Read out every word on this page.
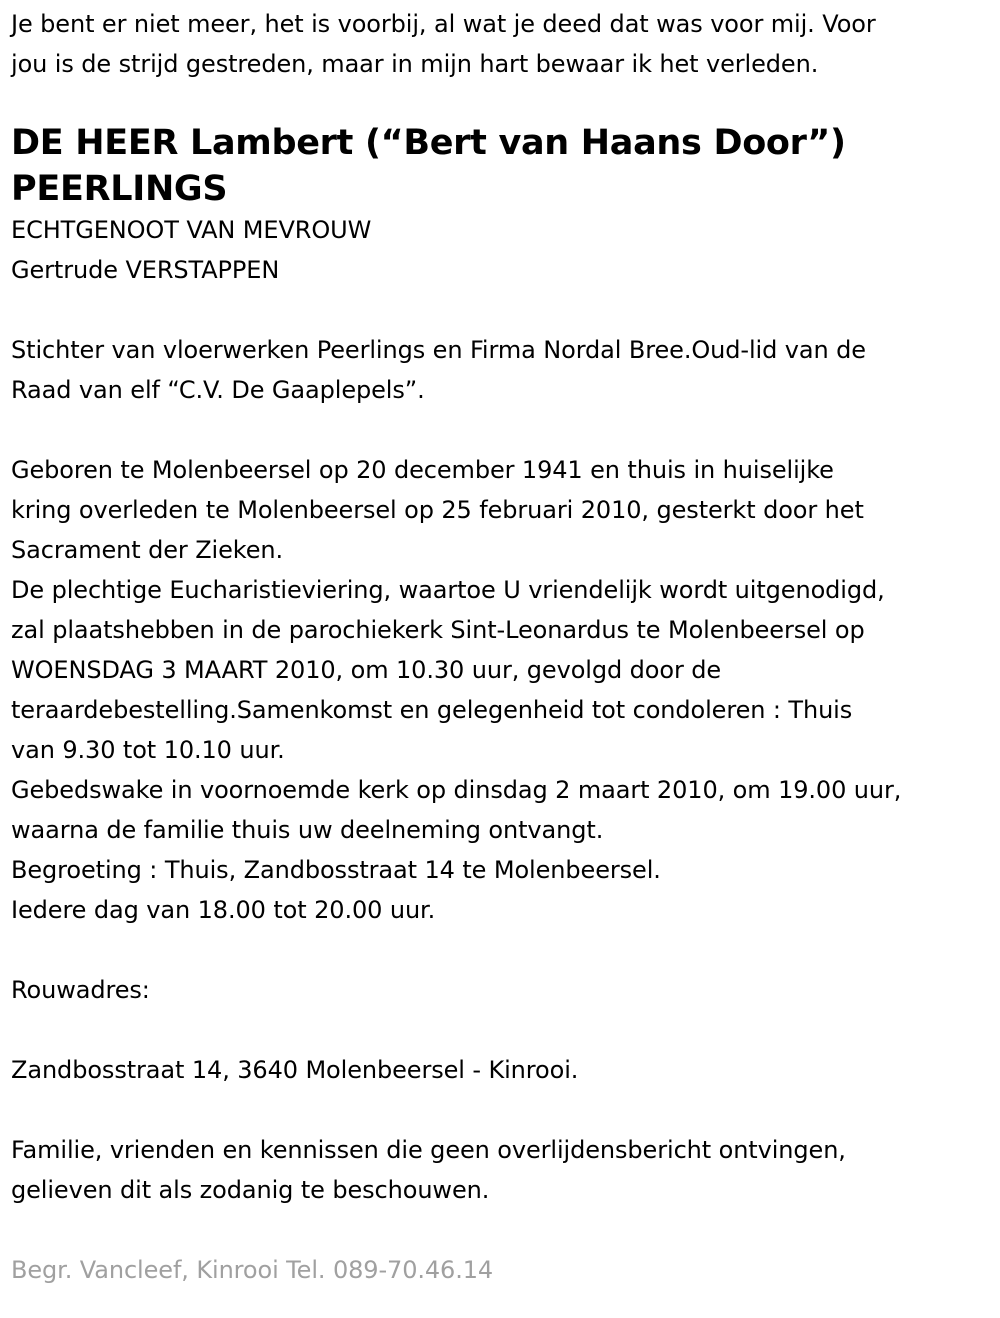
Je bent er niet meer, het is voorbij, al wat je deed dat was voor mij. Voor
jou is de strijd gestreden, maar in mijn hart bewaar ik het verleden.
DE HEER Lambert (“Bert van Haans Door”)
PEERLINGS
ECHTGENOOT VAN MEVROUW
Gertrude VERSTAPPEN
Stichter van vloerwerken Peerlings en Firma Nordal Bree.Oud-lid van de
Raad van elf “C.V. De Gaaplepels”.
Geboren te Molenbeersel op 20 december 1941 en thuis in huiselijke
kring overleden te Molenbeersel op 25 februari 2010, gesterkt door het
Sacrament der Zieken.
De plechtige Eucharistieviering, waartoe U vriendelijk wordt uitgenodigd,
zal plaatshebben in de parochiekerk Sint-Leonardus te Molenbeersel op
WOENSDAG 3 MAART 2010, om 10.30 uur, gevolgd door de
teraardebestelling.Samenkomst en gelegenheid tot condoleren : Thuis
van 9.30 tot 10.10 uur.
Gebedswake in voornoemde kerk op dinsdag 2 maart 2010, om 19.00 uur,
waarna de familie thuis uw deelneming ontvangt.
Begroeting : Thuis, Zandbosstraat 14 te Molenbeersel.
Iedere dag van 18.00 tot 20.00 uur.
Rouwadres:
Zandbosstraat 14, 3640 Molenbeersel - Kinrooi.
Familie, vrienden en kennissen die geen overlijdensbericht ontvingen,
gelieven dit als zodanig te beschouwen.
Begr. Vancleef, Kinrooi Tel. 089-70.46.14
